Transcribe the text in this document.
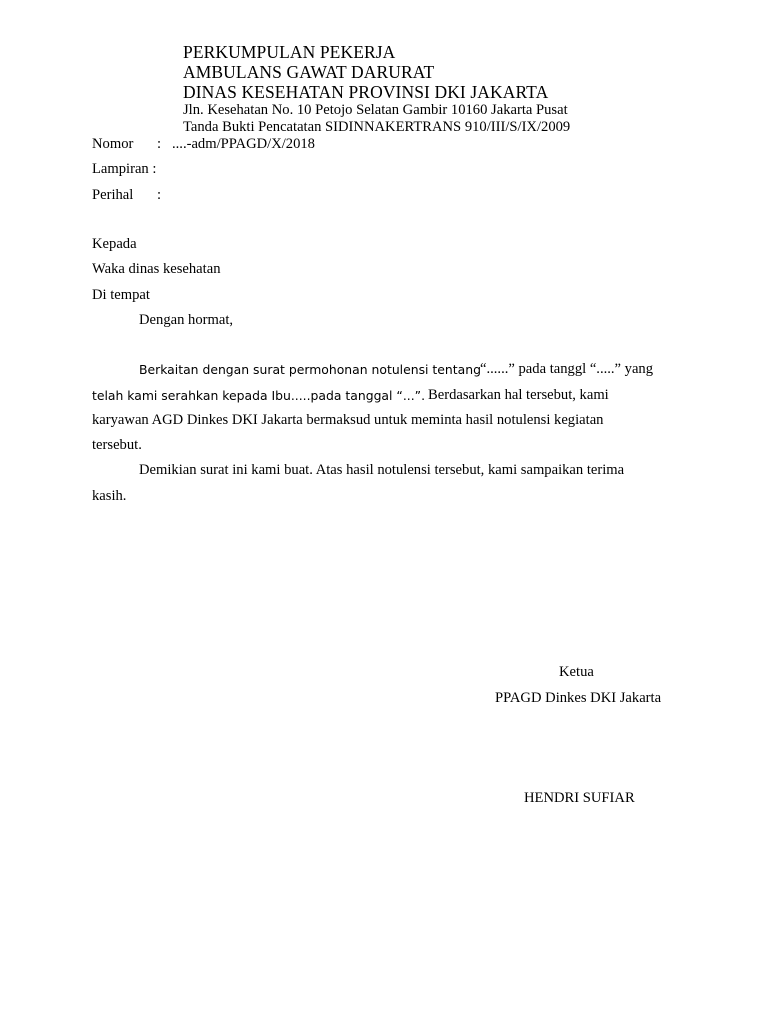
PERKUMPULAN PEKERJA
AMBULANS GAWAT DARURAT
DINAS KESEHATAN PROVINSI DKI JAKARTA
Jln. Kesehatan No. 10 Petojo Selatan Gambir 10160 Jakarta Pusat
Tanda Bukti Pencatatan SIDINNAKERTRANS 910/III/S/IX/2009
Nomor : ....-adm/PPAGD/X/2018
Lampiran :
Perihal :
Kepada
Waka dinas kesehatan
Di tempat
Dengan hormat,
Berkaitan dengan surat permohonan notulensi tentang “......” pada tanggl “.....” yang
telah kami serahkan kepada Ibu.....pada tanggal “...”. Berdasarkan hal tersebut, kami
karyawan AGD Dinkes DKI Jakarta bermaksud untuk meminta hasil notulensi kegiatan
tersebut.
Demikian surat ini kami buat. Atas hasil notulensi tersebut, kami sampaikan terima
kasih.
Ketua
PPAGD Dinkes DKI Jakarta
HENDRI SUFIAR
